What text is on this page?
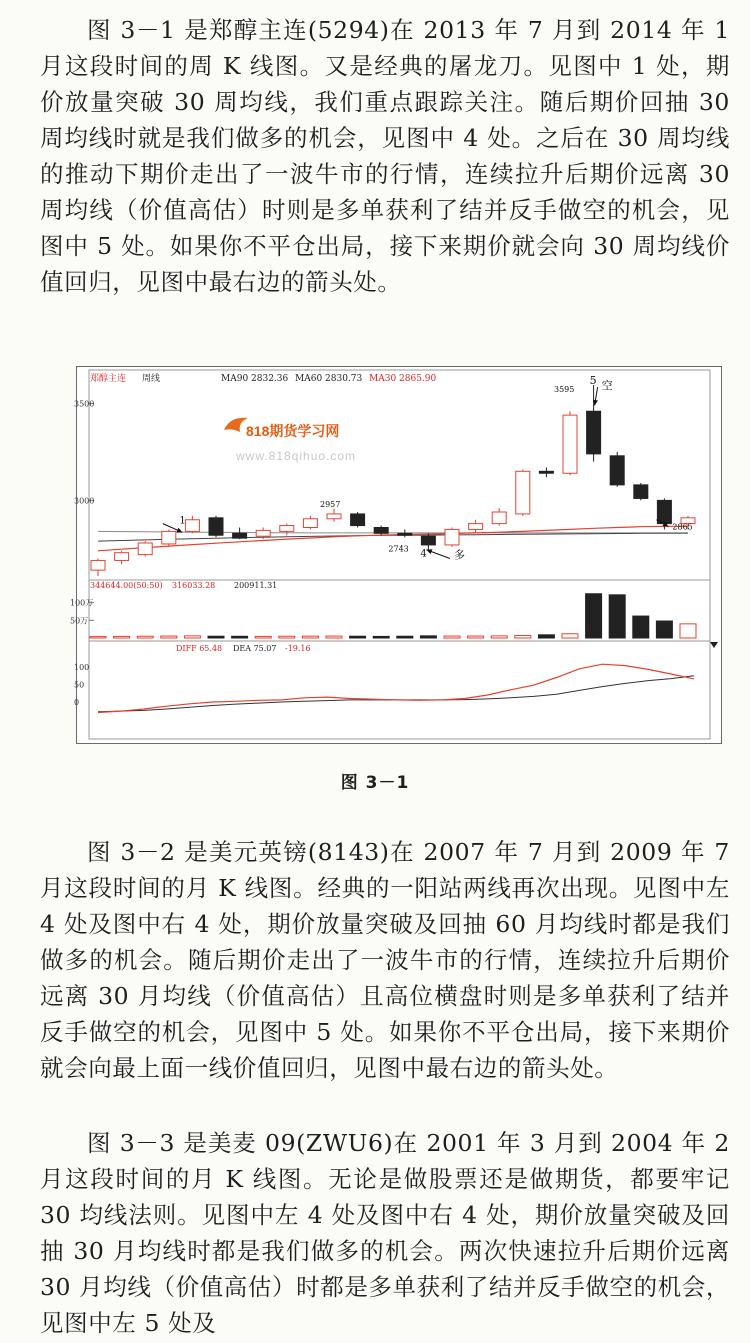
图 3－1 是郑醇主连(5294)在 2013 年 7 月到 2014 年 1 月这段时间的周 K 线图。又是经典的屠龙刀。见图中 1 处，期价放量突破 30 周均线，我们重点跟踪关注。随后期价回抽 30 周均线时就是我们做多的机会，见图中 4 处。之后在 30 周均线的推动下期价走出了一波牛市的行情，连续拉升后期价远离 30 周均线（价值高估）时则是多单获利了结并反手做空的机会，见图中 5 处。如果你不平仓出局，接下来期价就会向 30 周均线价值回归，见图中最右边的箭头处。

郑醇主连 周线	MA90 2832.36 MA60 2830.73 MA30 2865.90
818期货学习网
www.818qihuo.com
3500
3000
1
2957
2743 4 多
3595
5 空
2865
344644.00(50:50) 316033.28 200911.31
100万
50万
DIFF 65.48 DEA 75.07 -19.16
100
50
0
图 3－1

图 3－2 是美元英镑(8143)在 2007 年 7 月到 2009 年 7 月这段时间的月 K 线图。经典的一阳站两线再次出现。见图中左 4 处及图中右 4 处，期价放量突破及回抽 60 月均线时都是我们做多的机会。随后期价走出了一波牛市的行情，连续拉升后期价远离 30 月均线（价值高估）且高位横盘时则是多单获利了结并反手做空的机会，见图中 5 处。如果你不平仓出局，接下来期价就会向最上面一线价值回归，见图中最右边的箭头处。

图 3－3 是美麦 09(ZWU6)在 2001 年 3 月到 2004 年 2 月这段时间的月 K 线图。无论是做股票还是做期货，都要牢记 30 均线法则。见图中左 4 处及图中右 4 处，期价放量突破及回抽 30 月均线时都是我们做多的机会。两次快速拉升后期价远离 30 月均线（价值高估）时都是多单获利了结并反手做空的机会，见图中左 5 处及
